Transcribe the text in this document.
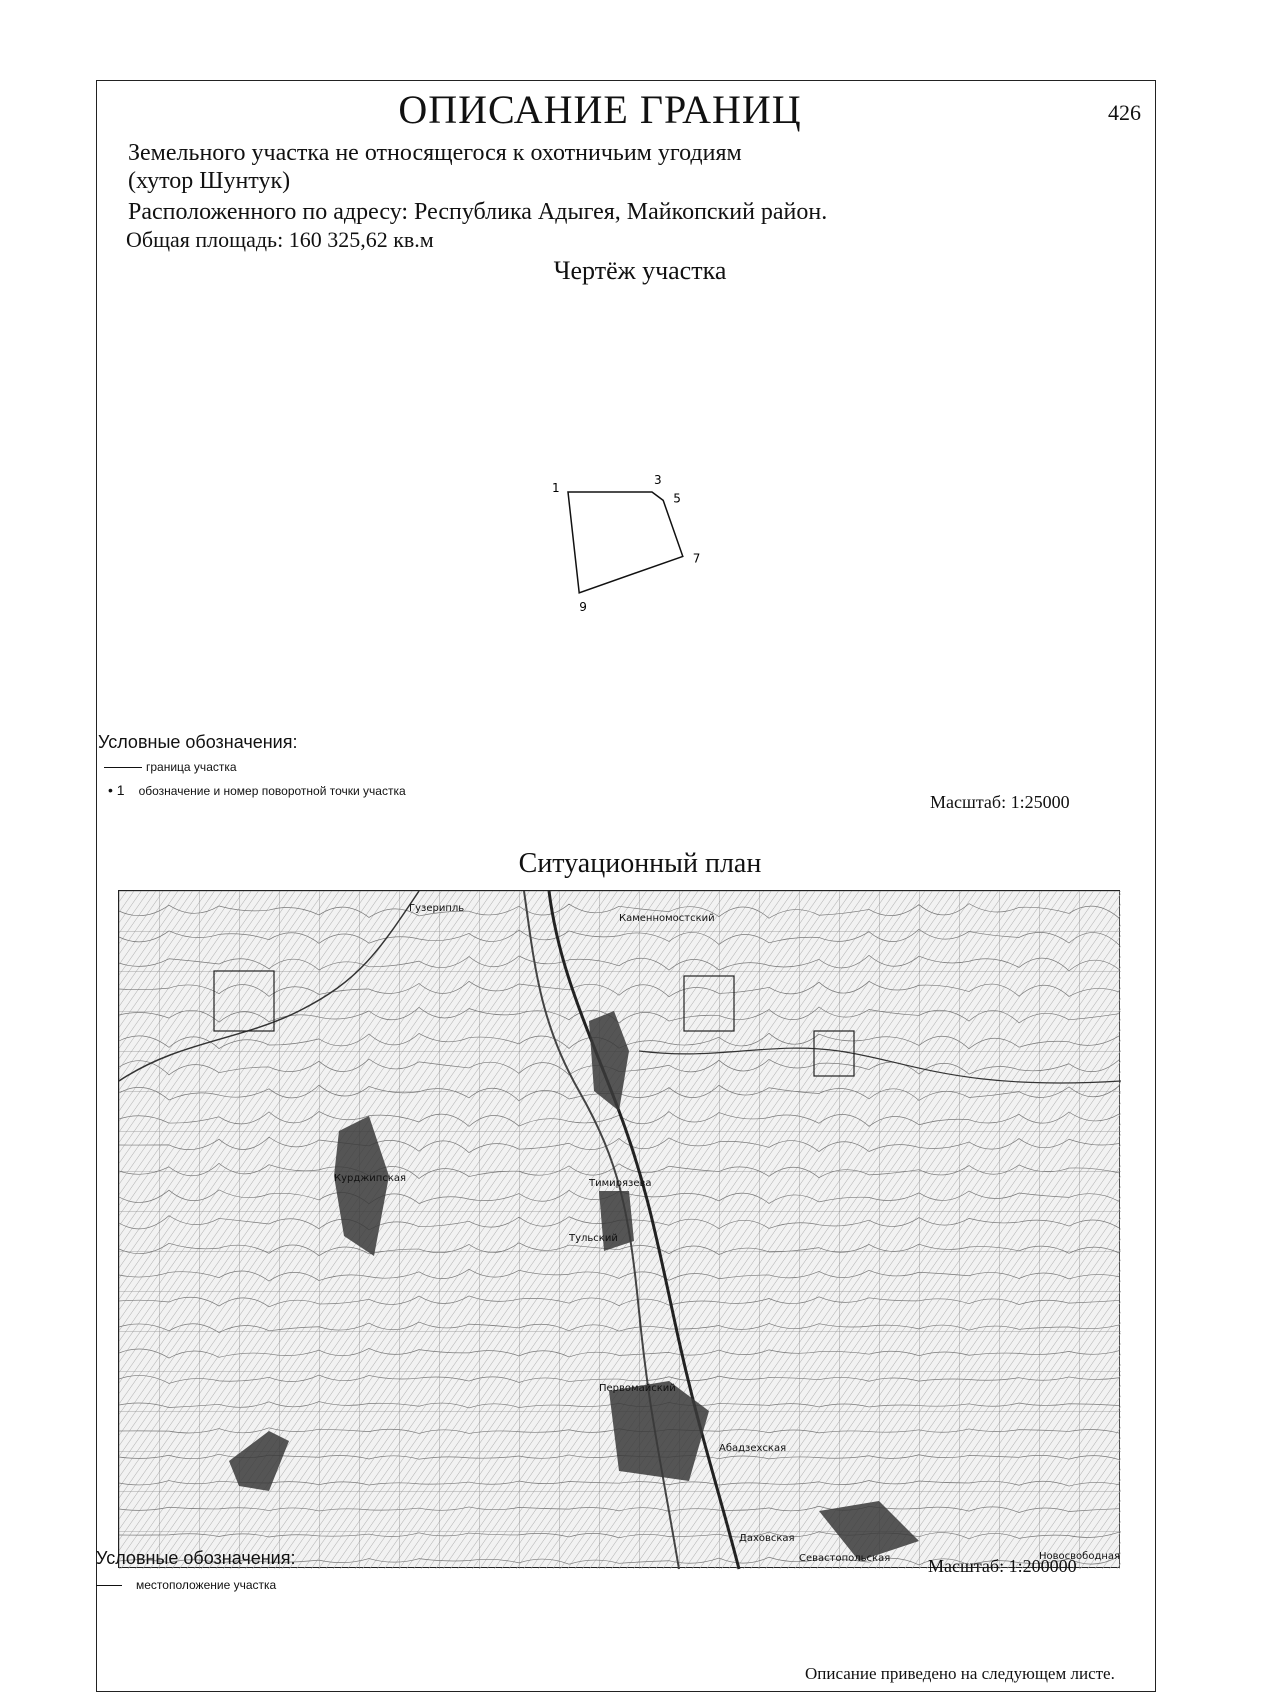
ОПИСАНИЕ ГРАНИЦ	426
Земельного участка не относящегося к охотничьим угодиям
(хутор Шунтук)
Расположенного по адресу: Республика Адыгея, Майкопский район.
Общая площадь: 160 325,62 кв.м
Чертёж участка
1
3
5
7
9
Условные обозначения:
граница участка
• 1 обозначение и номер поворотной точки участка
Масштаб: 1:25000
Ситуационный план
Гузерипль
Каменномостский
Тимирязева
Курджипская
Тульский
Первомайский
Абадзехская
Даховская
Севастопольская	Новосвободная
Условные обозначения:
местоположение участка
Масштаб: 1:200000
Описание приведено на следующем листе.
